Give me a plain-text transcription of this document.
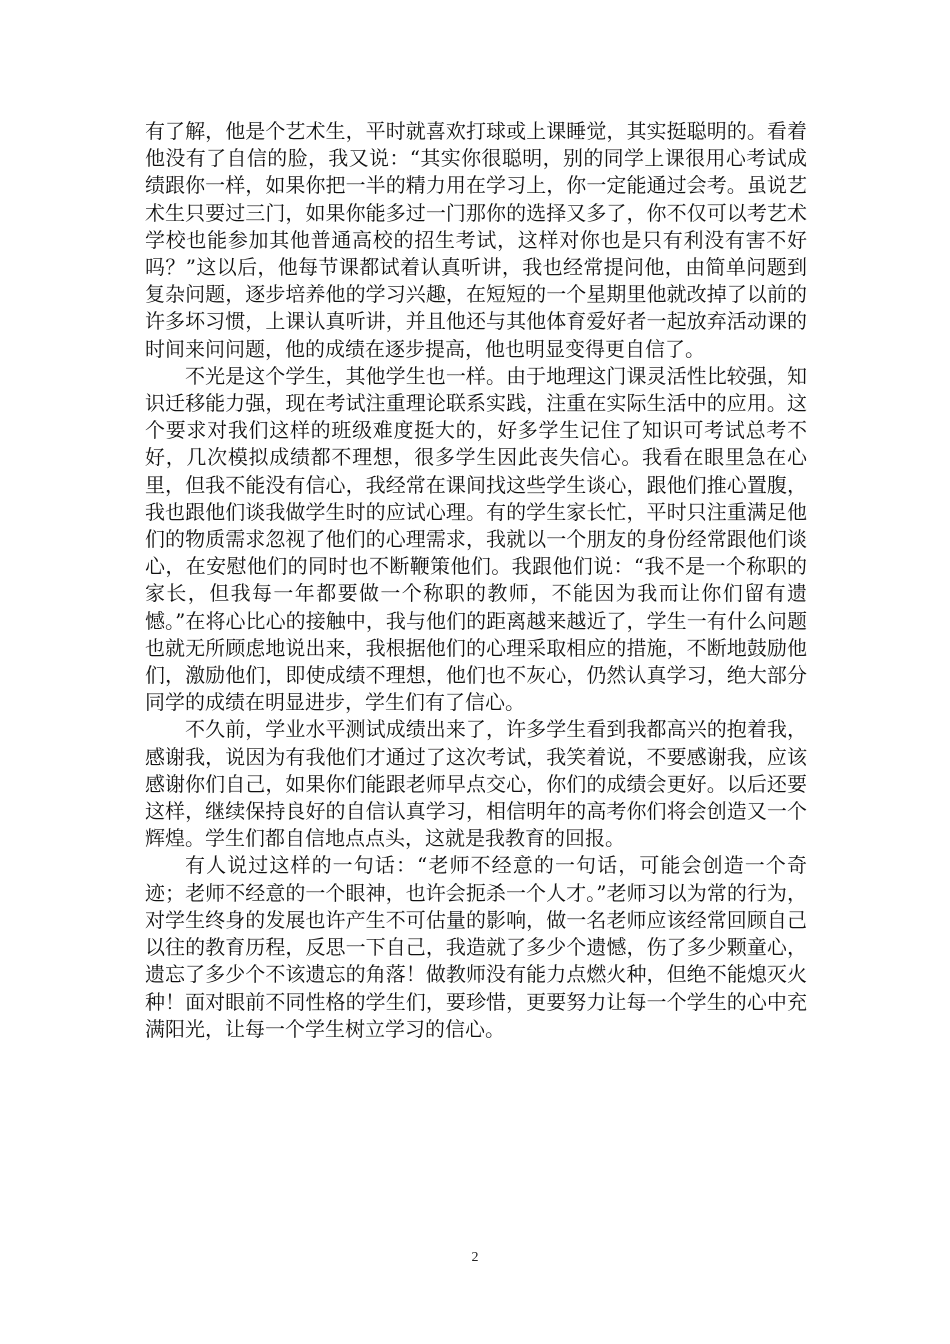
有了解，他是个艺术生，平时就喜欢打球或上课睡觉，其实挺聪明的。看着他没有了自信的脸，我又说：“其实你很聪明，别的同学上课很用心考试成绩跟你一样，如果你把一半的精力用在学习上，你一定能通过会考。虽说艺术生只要过三门，如果你能多过一门那你的选择又多了，你不仅可以考艺术学校也能参加其他普通高校的招生考试，这样对你也是只有利没有害不好吗？”这以后，他每节课都试着认真听讲，我也经常提问他，由简单问题到复杂问题，逐步培养他的学习兴趣，在短短的一个星期里他就改掉了以前的许多坏习惯，上课认真听讲，并且他还与其他体育爱好者一起放弃活动课的时间来问问题，他的成绩在逐步提高，他也明显变得更自信了。

不光是这个学生，其他学生也一样。由于地理这门课灵活性比较强，知识迁移能力强，现在考试注重理论联系实践，注重在实际生活中的应用。这个要求对我们这样的班级难度挺大的，好多学生记住了知识可考试总考不好，几次模拟成绩都不理想，很多学生因此丧失信心。我看在眼里急在心里，但我不能没有信心，我经常在课间找这些学生谈心，跟他们推心置腹，我也跟他们谈我做学生时的应试心理。有的学生家长忙，平时只注重满足他们的物质需求忽视了他们的心理需求，我就以一个朋友的身份经常跟他们谈心，在安慰他们的同时也不断鞭策他们。我跟他们说：“我不是一个称职的家长，但我每一年都要做一个称职的教师，不能因为我而让你们留有遗憾。”在将心比心的接触中，我与他们的距离越来越近了，学生一有什么问题也就无所顾虑地说出来，我根据他们的心理采取相应的措施，不断地鼓励他们，激励他们，即使成绩不理想，他们也不灰心，仍然认真学习，绝大部分同学的成绩在明显进步，学生们有了信心。

不久前，学业水平测试成绩出来了，许多学生看到我都高兴的抱着我，感谢我，说因为有我他们才通过了这次考试，我笑着说，不要感谢我，应该感谢你们自己，如果你们能跟老师早点交心，你们的成绩会更好。以后还要这样，继续保持良好的自信认真学习，相信明年的高考你们将会创造又一个辉煌。学生们都自信地点点头，这就是我教育的回报。

有人说过这样的一句话：“老师不经意的一句话，可能会创造一个奇迹；老师不经意的一个眼神，也许会扼杀一个人才。”老师习以为常的行为，对学生终身的发展也许产生不可估量的影响，做一名老师应该经常回顾自己以往的教育历程，反思一下自己，我造就了多少个遗憾，伤了多少颗童心，遗忘了多少个不该遗忘的角落！做教师没有能力点燃火种，但绝不能熄灭火种！面对眼前不同性格的学生们，要珍惜，更要努力让每一个学生的心中充满阳光，让每一个学生树立学习的信心。

2
